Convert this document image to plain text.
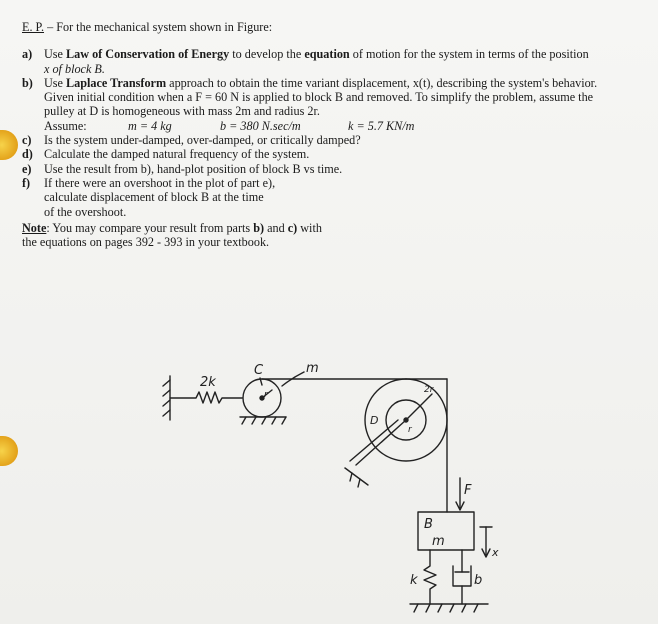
E. P. – For the mechanical system shown in Figure:
a) Use Law of Conservation of Energy to develop the equation of motion for the system in terms of the position
x of block B.
b) Use Laplace Transform approach to obtain the time variant displacement, x(t), describing the system's behavior.
Given initial condition when a F = 60 N is applied to block B and removed. To simplify the problem, assume the
pulley at D is homogeneous with mass 2m and radius 2r.
Assume:	m = 4 kg	b = 380 N.sec/m	k = 5.7 KN/m
c) Is the system under-damped, over-damped, or critically damped?
d) Calculate the damped natural frequency of the system.
e) Use the result from b), hand-plot position of block B vs time.
f) If there were an overshoot in the plot of part e),
calculate displacement of block B at the time
of the overshoot.
Note: You may compare your result from parts b) and c) with
the equations on pages 392 - 393 in your textbook.
2k
C	m
r
D
2r
r
F
B
m
k	b
x
